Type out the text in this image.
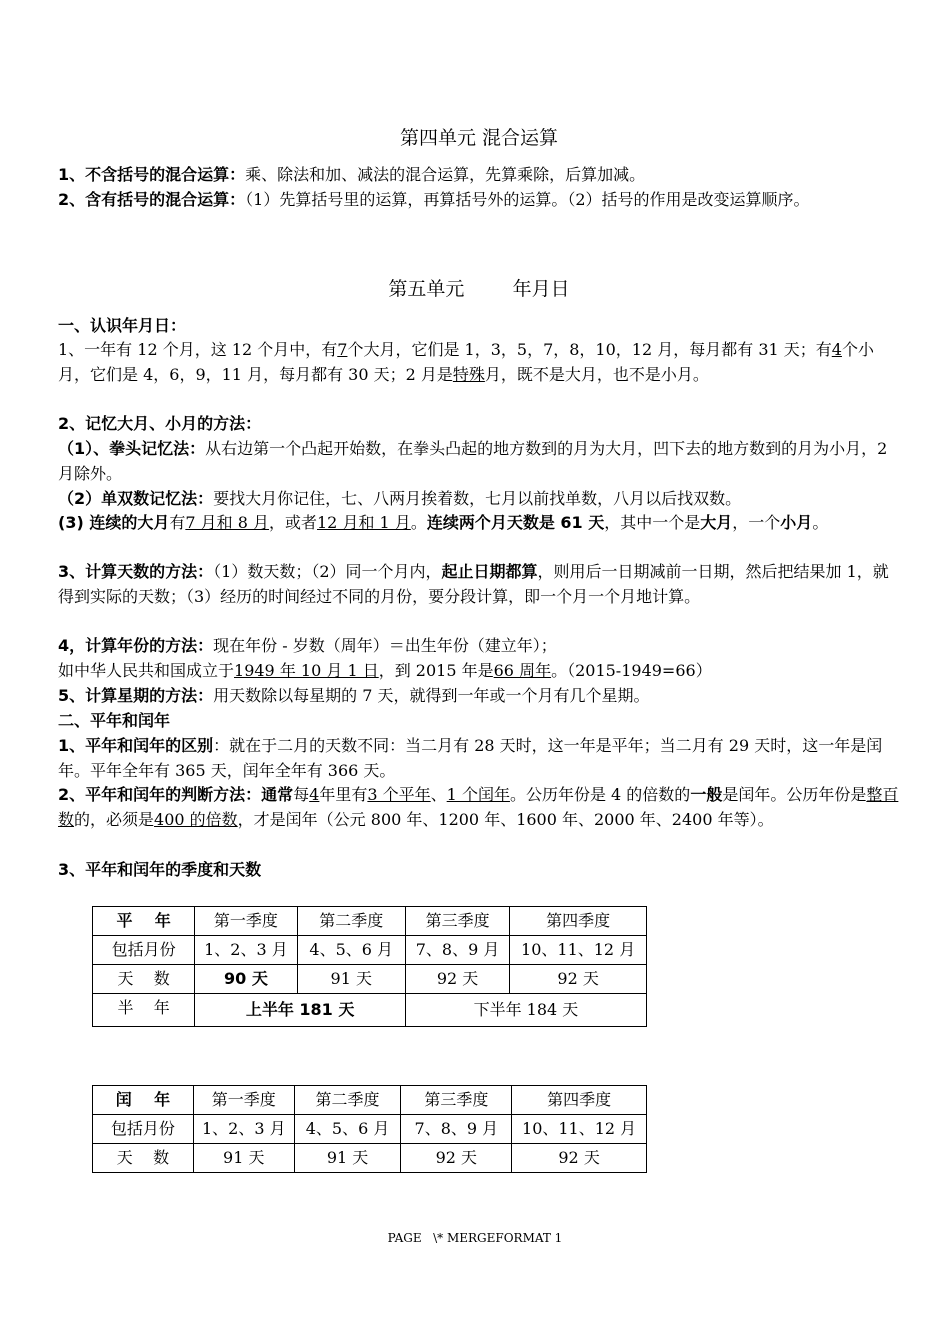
第四单元 混合运算
1、不含括号的混合运算：乘、除法和加、减法的混合运算，先算乘除，后算加减。
2、含有括号的混合运算：（1）先算括号里的运算，再算括号外的运算。（2）括号的作用是改变运算顺序。
第五单元        年月日
一、认识年月日：
1、一年有 12 个月，这 12 个月中，有7个大月，它们是 1，3，5，7，8，10，12 月，每月都有 31 天；有4个小月，它们是 4，6，9，11 月，每月都有 30 天；2 月是特殊月，既不是大月，也不是小月。
2、记忆大月、小月的方法：
（1）、拳头记忆法：从右边第一个凸起开始数，在拳头凸起的地方数到的月为大月，凹下去的地方数到的月为小月，2 月除外。
（2）单双数记忆法：要找大月你记住，七、八两月挨着数，七月以前找单数，八月以后找双数。
(3) 连续的大月有7 月和 8 月，或者12 月和 1 月。连续两个月天数是 61 天，其中一个是大月，一个小月。
3、计算天数的方法：（1）数天数；（2）同一个月内，起止日期都算，则用后一日期减前一日期，然后把结果加 1，就得到实际的天数；（3）经历的时间经过不同的月份，要分段计算，即一个月一个月地计算。
4，计算年份的方法：现在年份 - 岁数（周年）＝出生年份（建立年）；
如中华人民共和国成立于1949 年 10 月 1 日，到 2015 年是66 周年。（2015-1949=66）
5、计算星期的方法：用天数除以每星期的 7 天，就得到一年或一个月有几个星期。
二、平年和闰年
1、平年和闰年的区别：就在于二月的天数不同：当二月有 28 天时，这一年是平年；当二月有 29 天时，这一年是闰年。平年全年有 365 天，闰年全年有 366 天。
2、平年和闰年的判断方法：通常每4年里有3 个平年、1 个闰年。公历年份是 4 的倍数的一般是闰年。公历年份是整百数的，必须是400 的倍数，才是闰年（公元 800 年、1200 年、1600 年、2000 年、2400 年等）。
3、平年和闰年的季度和天数
平    年	第一季度	第二季度	第三季度	第四季度
包括月份	1、2、3 月	4、5、6 月	7、8、9 月	10、11、12 月
天    数	90 天	91 天	92 天	92 天
半    年	上半年 181 天		下半年 184 天	
闰    年	第一季度	第二季度	第三季度	第四季度
包括月份	1、2、3 月	4、5、6 月	7、8、9 月	10、11、12 月
天    数	91 天	91 天	92 天	92 天
PAGE   \* MERGEFORMAT 1
